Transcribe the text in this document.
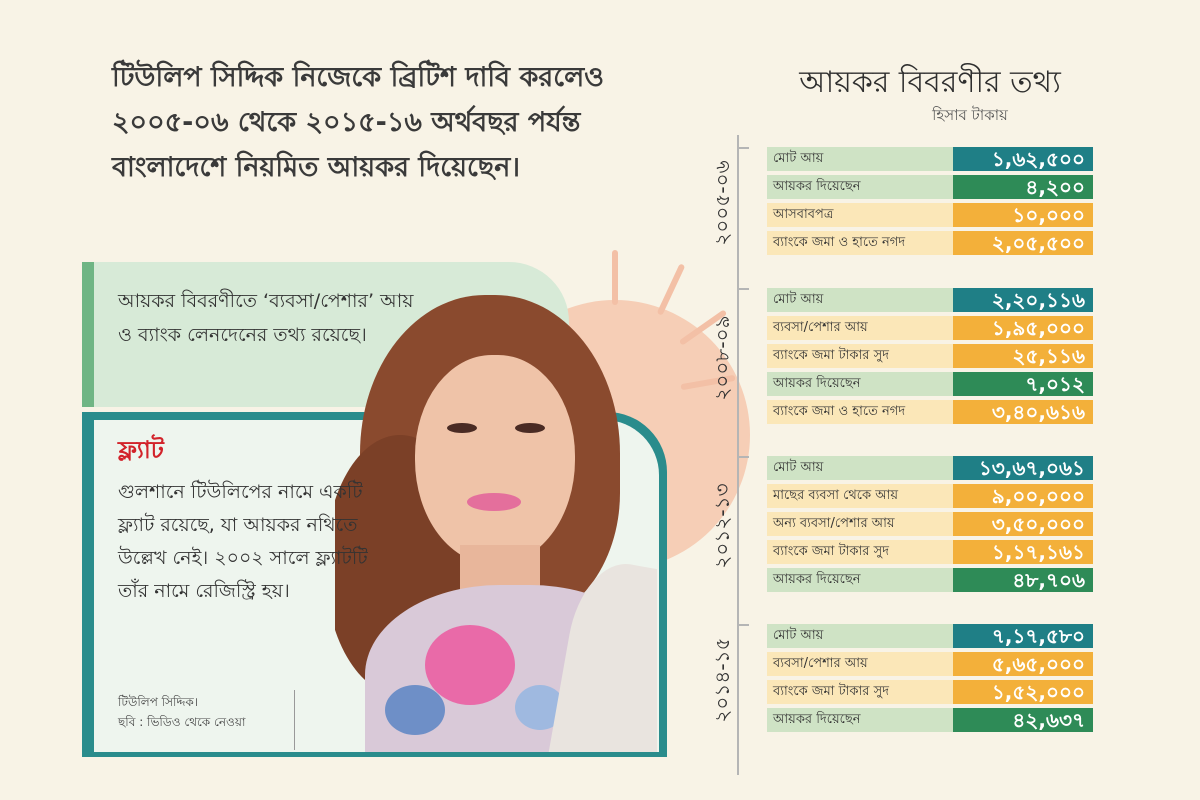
টিউলিপ সিদ্দিক নিজেকে ব্রিটিশ দাবি করলেও ২০০৫-০৬ থেকে ২০১৫-১৬ অর্থবছর পর্যন্ত বাংলাদেশে নিয়মিত আয়কর দিয়েছেন।
আয়কর বিবরণীতে ‘ব্যবসা/পেশার’ আয় ও ব্যাংক লেনদেনের তথ্য রয়েছে।
ফ্ল্যাট
গুলশানে টিউলিপের নামে একটি ফ্ল্যাট রয়েছে, যা আয়কর নথিতে উল্লেখ নেই। ২০০২ সালে ফ্ল্যাটটি তাঁর নামে রেজিস্ট্রি হয়।
টিউলিপ সিদ্দিক।
ছবি : ভিডিও থেকে নেওয়া
আয়কর বিবরণীর তথ্য
হিসাব টাকায়
২০০৫-০৬
মোট আয়	১,৬২,৫০০
আয়কর দিয়েছেন	৪,২০০
আসবাবপত্র	১০,০০০
ব্যাংকে জমা ও হাতে নগদ	২,০৫,৫০০
২০০৮-০৯
মোট আয়	২,২০,১১৬
ব্যবসা/পেশার আয়	১,৯৫,০০০
ব্যাংকে জমা টাকার সুদ	২৫,১১৬
আয়কর দিয়েছেন	৭,০১২
ব্যাংকে জমা ও হাতে নগদ	৩,৪০,৬১৬
২০১২-১৩
মোট আয়	১৩,৬৭,০৬১
মাছের ব্যবসা থেকে আয়	৯,০০,০০০
অন্য ব্যবসা/পেশার আয়	৩,৫০,০০০
ব্যাংকে জমা টাকার সুদ	১,১৭,১৬১
আয়কর দিয়েছেন	৪৮,৭০৬
২০১৪-১৫
মোট আয়	৭,১৭,৫৮০
ব্যবসা/পেশার আয়	৫,৬৫,০০০
ব্যাংকে জমা টাকার সুদ	১,৫২,০০০
আয়কর দিয়েছেন	৪২,৬৩৭
